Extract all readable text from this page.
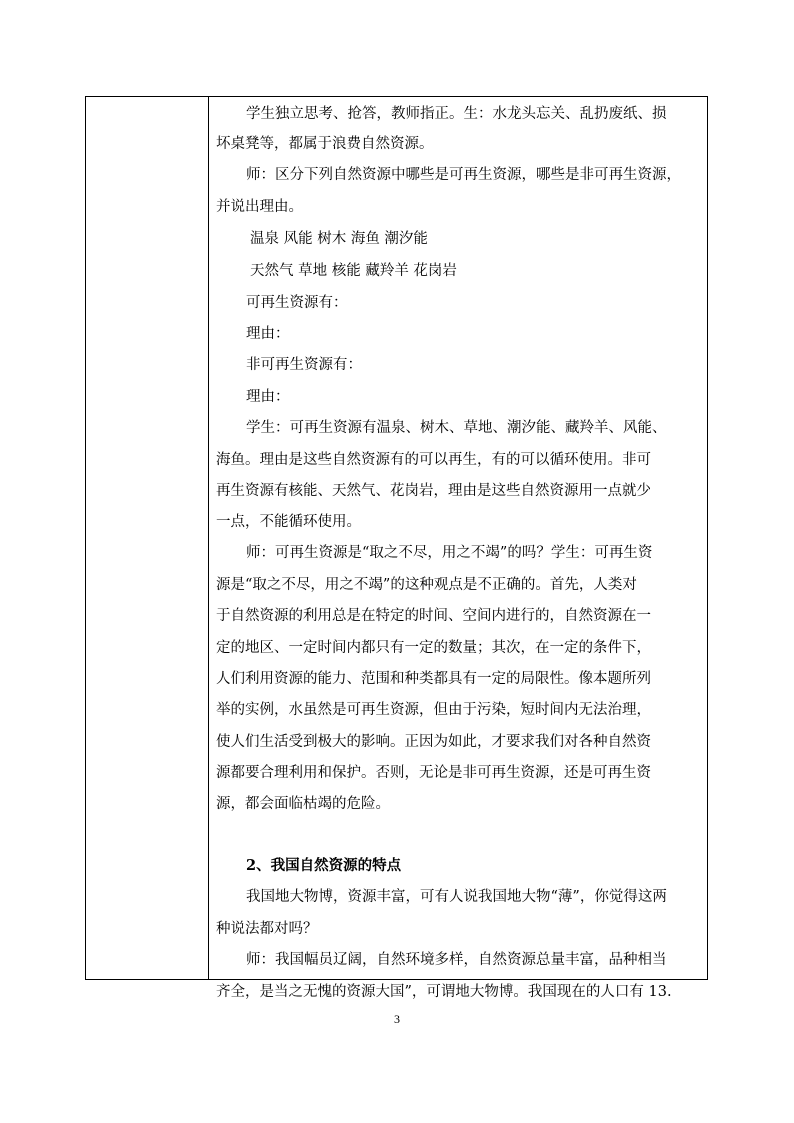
学生独立思考、抢答，教师指正。生：水龙头忘关、乱扔废纸、损

坏桌凳等，都属于浪费自然资源。

师：区分下列自然资源中哪些是可再生资源，哪些是非可再生资源，

并说出理由。

温泉 风能 树木 海鱼 潮汐能

天然气 草地 核能 藏羚羊 花岗岩

可再生资源有：

理由：

非可再生资源有：

理由：

学生：可再生资源有温泉、树木、草地、潮汐能、藏羚羊、风能、

海鱼。理由是这些自然资源有的可以再生，有的可以循环使用。非可

再生资源有核能、天然气、花岗岩，理由是这些自然资源用一点就少

一点，不能循环使用。

师：可再生资源是“取之不尽，用之不竭”的吗？学生：可再生资

源是“取之不尽，用之不竭”的这种观点是不正确的。首先，人类对

于自然资源的利用总是在特定的时间、空间内进行的，自然资源在一

定的地区、一定时间内都只有一定的数量；其次，在一定的条件下，

人们利用资源的能力、范围和种类都具有一定的局限性。像本题所列

举的实例，水虽然是可再生资源，但由于污染，短时间内无法治理，

使人们生活受到极大的影响。正因为如此，才要求我们对各种自然资

源都要合理利用和保护。否则，无论是非可再生资源，还是可再生资

源，都会面临枯竭的危险。

2、我国自然资源的特点

我国地大物博，资源丰富，可有人说我国地大物“薄”，你觉得这两

种说法都对吗？

师：我国幅员辽阔，自然环境多样，自然资源总量丰富，品种相当

齐全，是当之无愧的资源大国”，可谓地大物博。我国现在的人口有 13.

3
